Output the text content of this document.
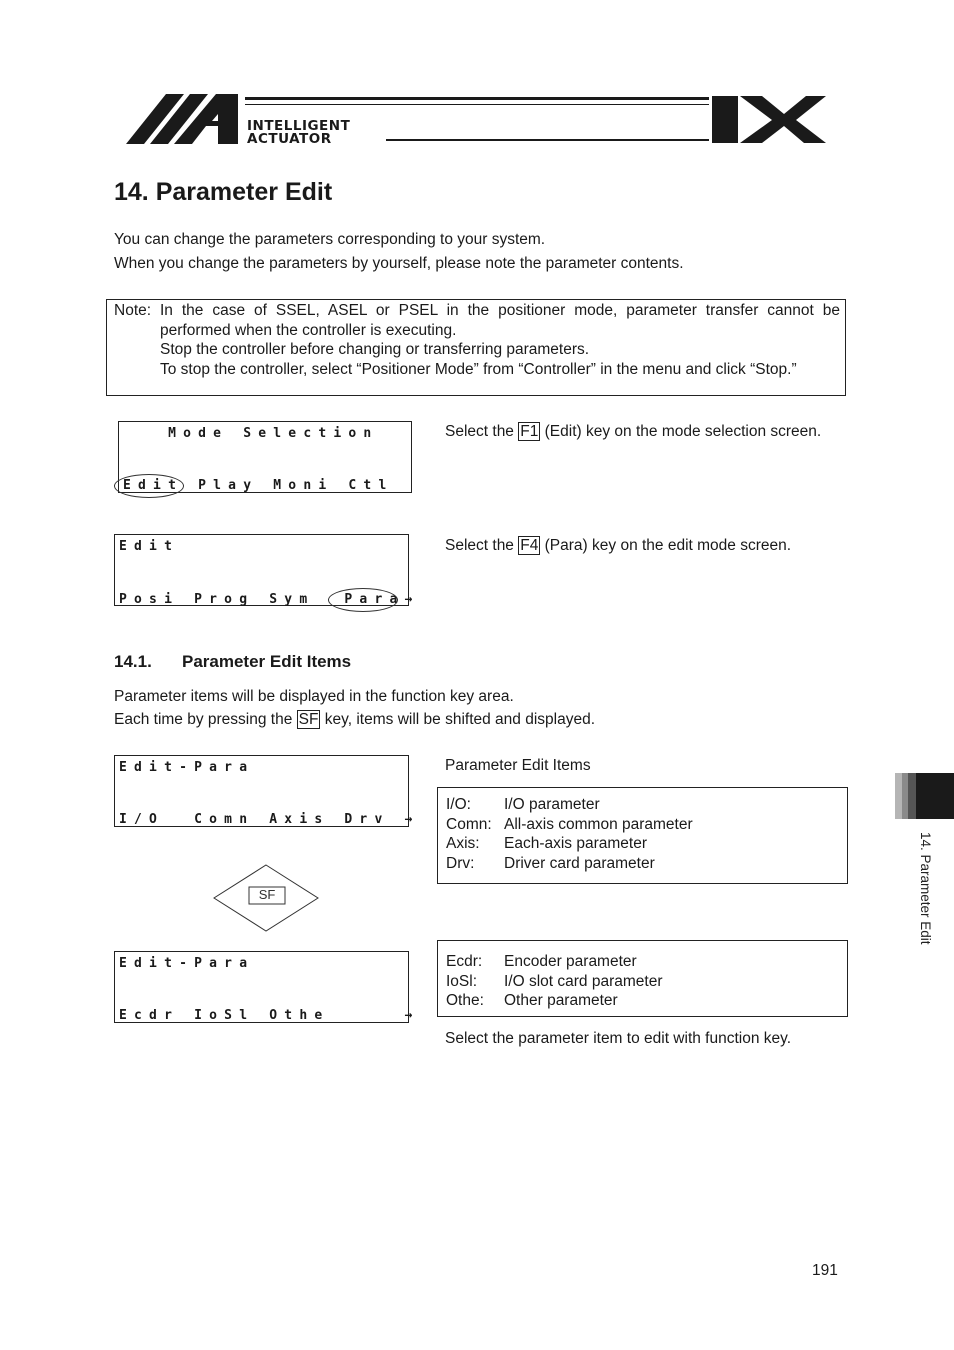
INTELLIGENT
ACTUATOR
14. Parameter Edit
You can change the parameters corresponding to your system.
When you change the parameters by yourself, please note the parameter contents.
Note: In the case of SSEL, ASEL or PSEL in the positioner mode, parameter transfer cannot be performed when the controller is executing.
Stop the controller before changing or transferring parameters.
To stop the controller, select “Positioner Mode” from “Controller” in the menu and click “Stop.”

Mode Selection

Edit Play Moni Ctl

Select the F1 (Edit) key on the mode selection screen.

Edit

Posi Prog Sym  Para→

Select the F4 (Para) key on the edit mode screen.
14.1. Parameter Edit Items
Parameter items will be displayed in the function key area.
Each time by pressing the SF key, items will be shifted and displayed.

Edit-Para

I/O  Comn Axis Drv →

SF

Edit-Para

Ecdr IoSl Othe     →

Parameter Edit Items
I/O: I/O parameter
Comn: All-axis common parameter
Axis: Each-axis parameter
Drv: Driver card parameter
Ecdr: Encoder parameter
IoSl: I/O slot card parameter
Othe: Other parameter
Select the parameter item to edit with function key.
14. Parameter Edit
191
